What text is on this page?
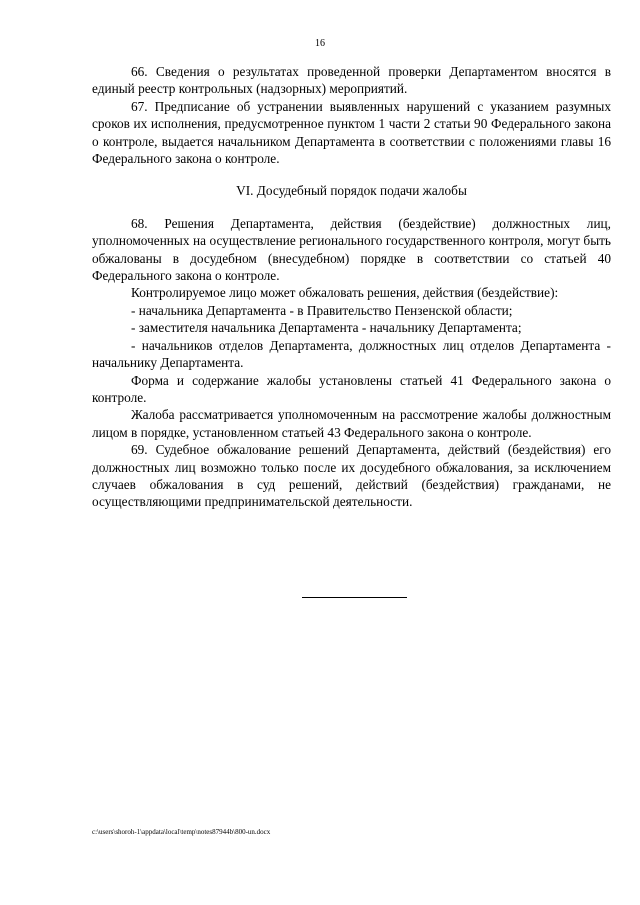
16

66. Сведения о результатах проведенной проверки Департаментом вносятся в единый реестр контрольных (надзорных) мероприятий.

67. Предписание об устранении выявленных нарушений с указанием разумных сроков их исполнения, предусмотренное пунктом 1 части 2 статьи 90 Федерального закона о контроле, выдается начальником Департамента в соответствии с положениями главы 16 Федерального закона о контроле.

VI. Досудебный порядок подачи жалобы

68. Решения Департамента, действия (бездействие) должностных лиц, уполномоченных на осуществление регионального государственного контроля, могут быть обжалованы в досудебном (внесудебном) порядке в соответствии со статьей 40 Федерального закона о контроле.

Контролируемое лицо может обжаловать решения, действия (бездействие):

- начальника Департамента - в Правительство Пензенской области;

- заместителя начальника Департамента - начальнику Департамента;

- начальников отделов Департамента, должностных лиц отделов Департамента - начальнику Департамента.

Форма и содержание жалобы установлены статьей 41 Федерального закона о контроле.

Жалоба рассматривается уполномоченным на рассмотрение жалобы должностным лицом в порядке, установленном статьей 43 Федерального закона о контроле.

69. Судебное обжалование решений Департамента, действий (бездействия) его должностных лиц возможно только после их досудебного обжалования, за исключением случаев обжалования в суд решений, действий (бездействия) гражданами, не осуществляющими предпринимательской деятельности.

c:\users\shoroh-1\appdata\local\temp\notes87944b\800-un.docx
